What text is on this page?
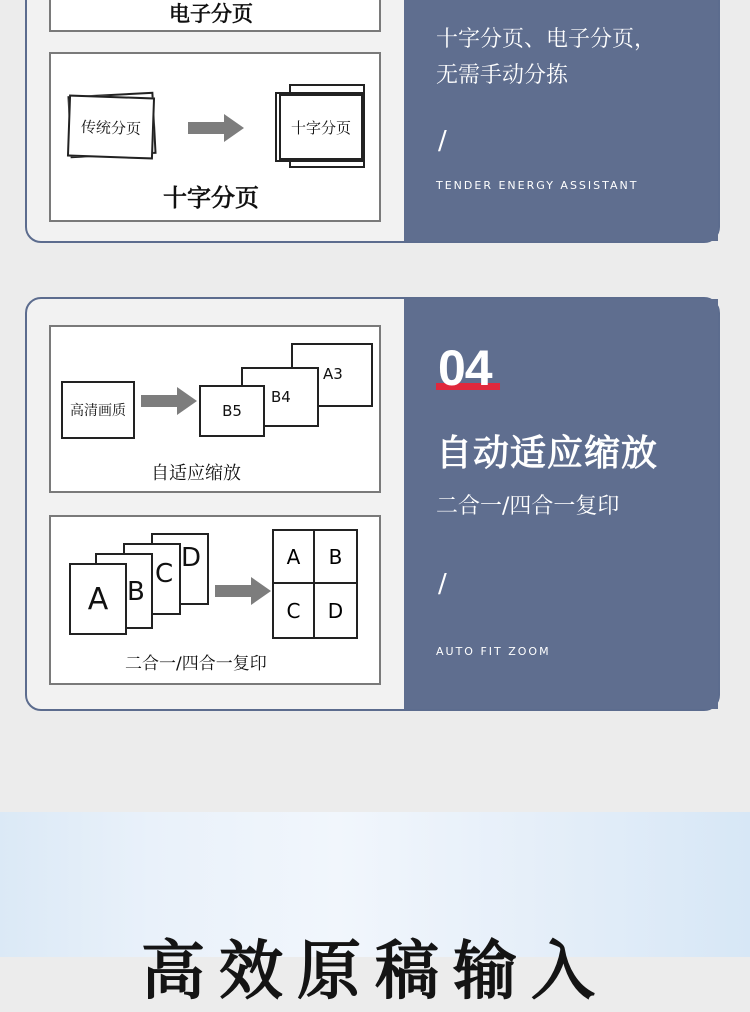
电子分页
传统分页	十字分页
十字分页
十字分页、电子分页，
无需手动分拣
/
TENDER ENERGY ASSISTANT
高清画质
A3
B4
B5
自适应缩放
D
C
B
A
A B
C D
二合一/四合一复印
04
自动适应缩放
二合一/四合一复印
/
AUTO FIT ZOOM
高效原稿输入
